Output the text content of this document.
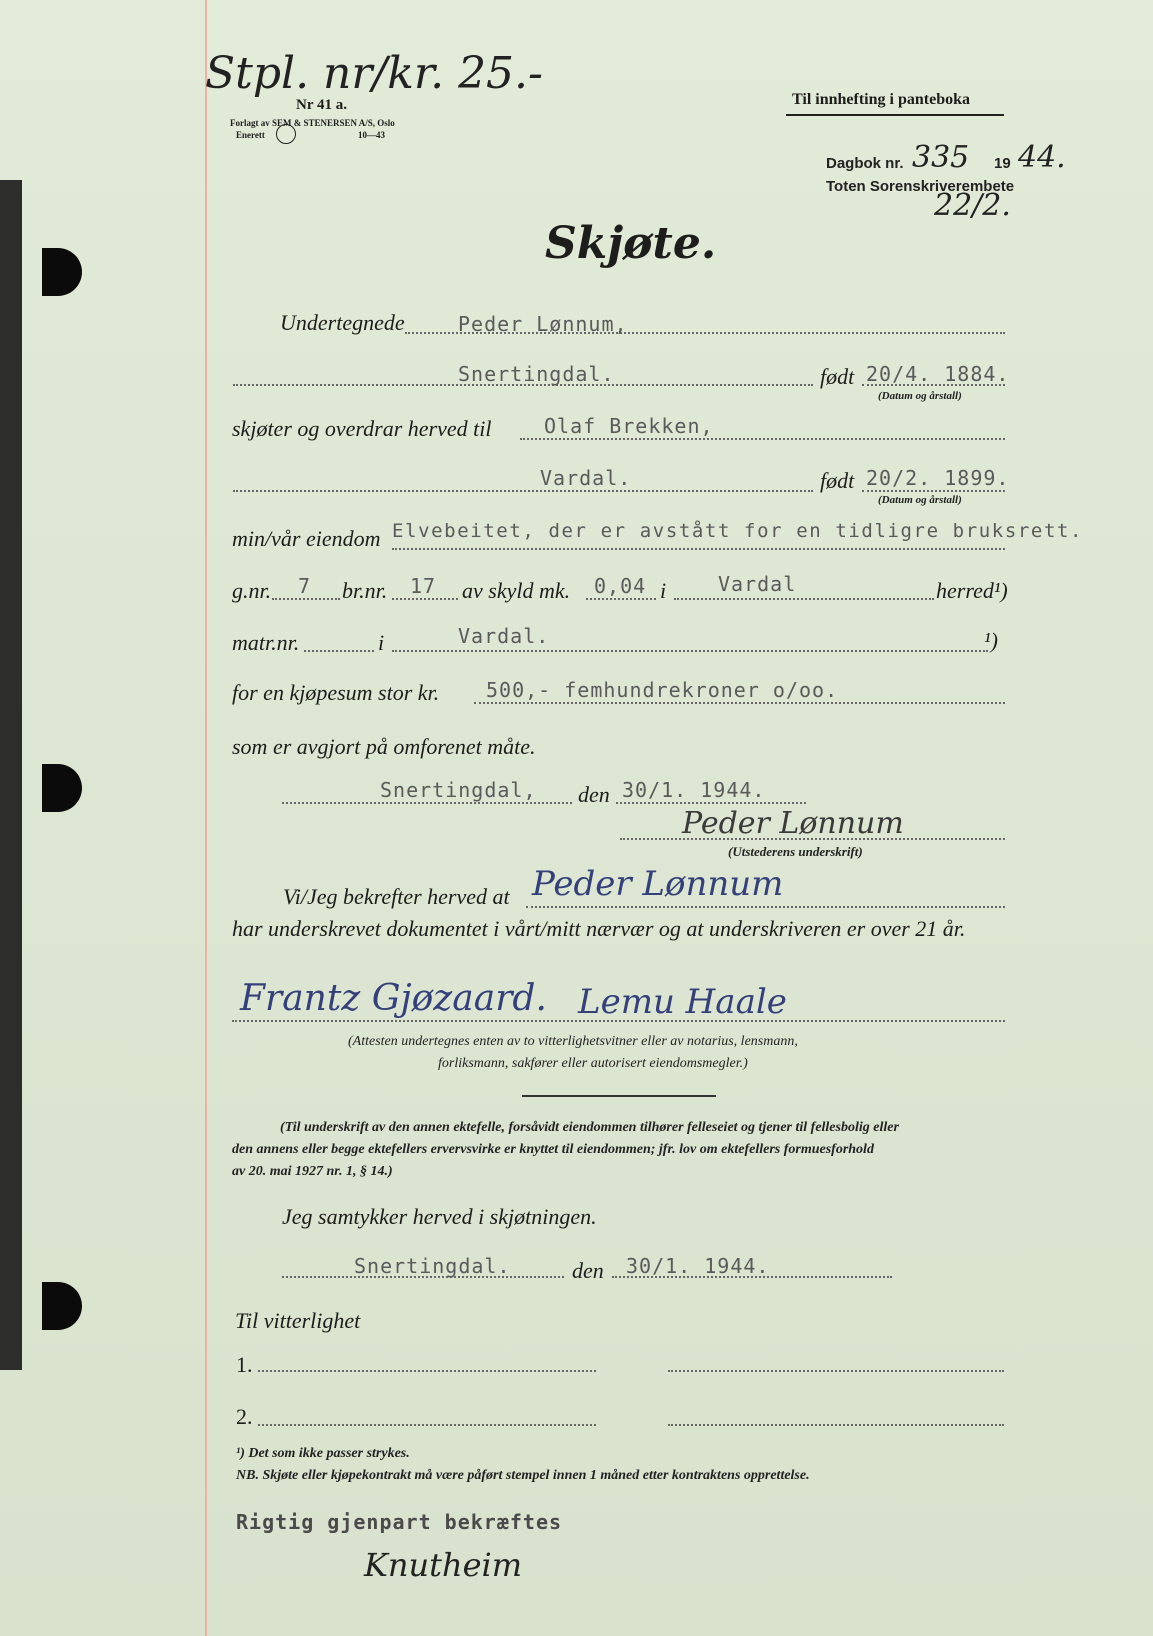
Stpl. nr/kr. 25.-
Nr 41 a.
Forlagt av SEM & STENERSEN A/S, Oslo
Enerett	10—43
Til innhefting i panteboka
Dagbok nr. 335 19 44.
Toten Sorenskriverembete
22/2.
Skjøte.
Undertegnede	Peder Lønnum,
Snertingdal.	født 20/4. 1884.
(Datum og årstall)
skjøter og overdrar herved til	Olaf Brekken,
Vardal.	født 20/2. 1899.
(Datum og årstall)
min/vår eiendom Elvebeitet, der er avstått for en tidligre bruksrett.
g.nr. 7 br.nr. 17 av skyld mk. 0,04 i	Vardal	herred¹)
matr.nr.	i	Vardal.	¹)
for en kjøpesum stor kr. 500,- femhundrekroner o/oo.
som er avgjort på omforenet måte.
Snertingdal, den 30/1. 1944.
Peder Lønnum
(Utstederens underskrift)
Vi/Jeg bekrefter herved at Peder Lønnum
har underskrevet dokumentet i vårt/mitt nærvær og at underskriveren er over 21 år.
Frantz Gjøzaard. Lemu Haale
(Attesten undertegnes enten av to vitterlighetsvitner eller av notarius, lensmann,
forliksmann, sakfører eller autorisert eiendomsmegler.)
(Til underskrift av den annen ektefelle, forsåvidt eiendommen tilhører felleseiet og tjener til fellesbolig eller
den annens eller begge ektefellers ervervsvirke er knyttet til eiendommen; jfr. lov om ektefellers formuesforhold
av 20. mai 1927 nr. 1, § 14.)
Jeg samtykker herved i skjøtningen.
Snertingdal.	den 30/1. 1944.
Til vitterlighet
1.
2.
¹) Det som ikke passer strykes.
NB. Skjøte eller kjøpekontrakt må være påført stempel innen 1 måned etter kontraktens opprettelse.
Rigtig gjenpart bekræftes
Knutheim
